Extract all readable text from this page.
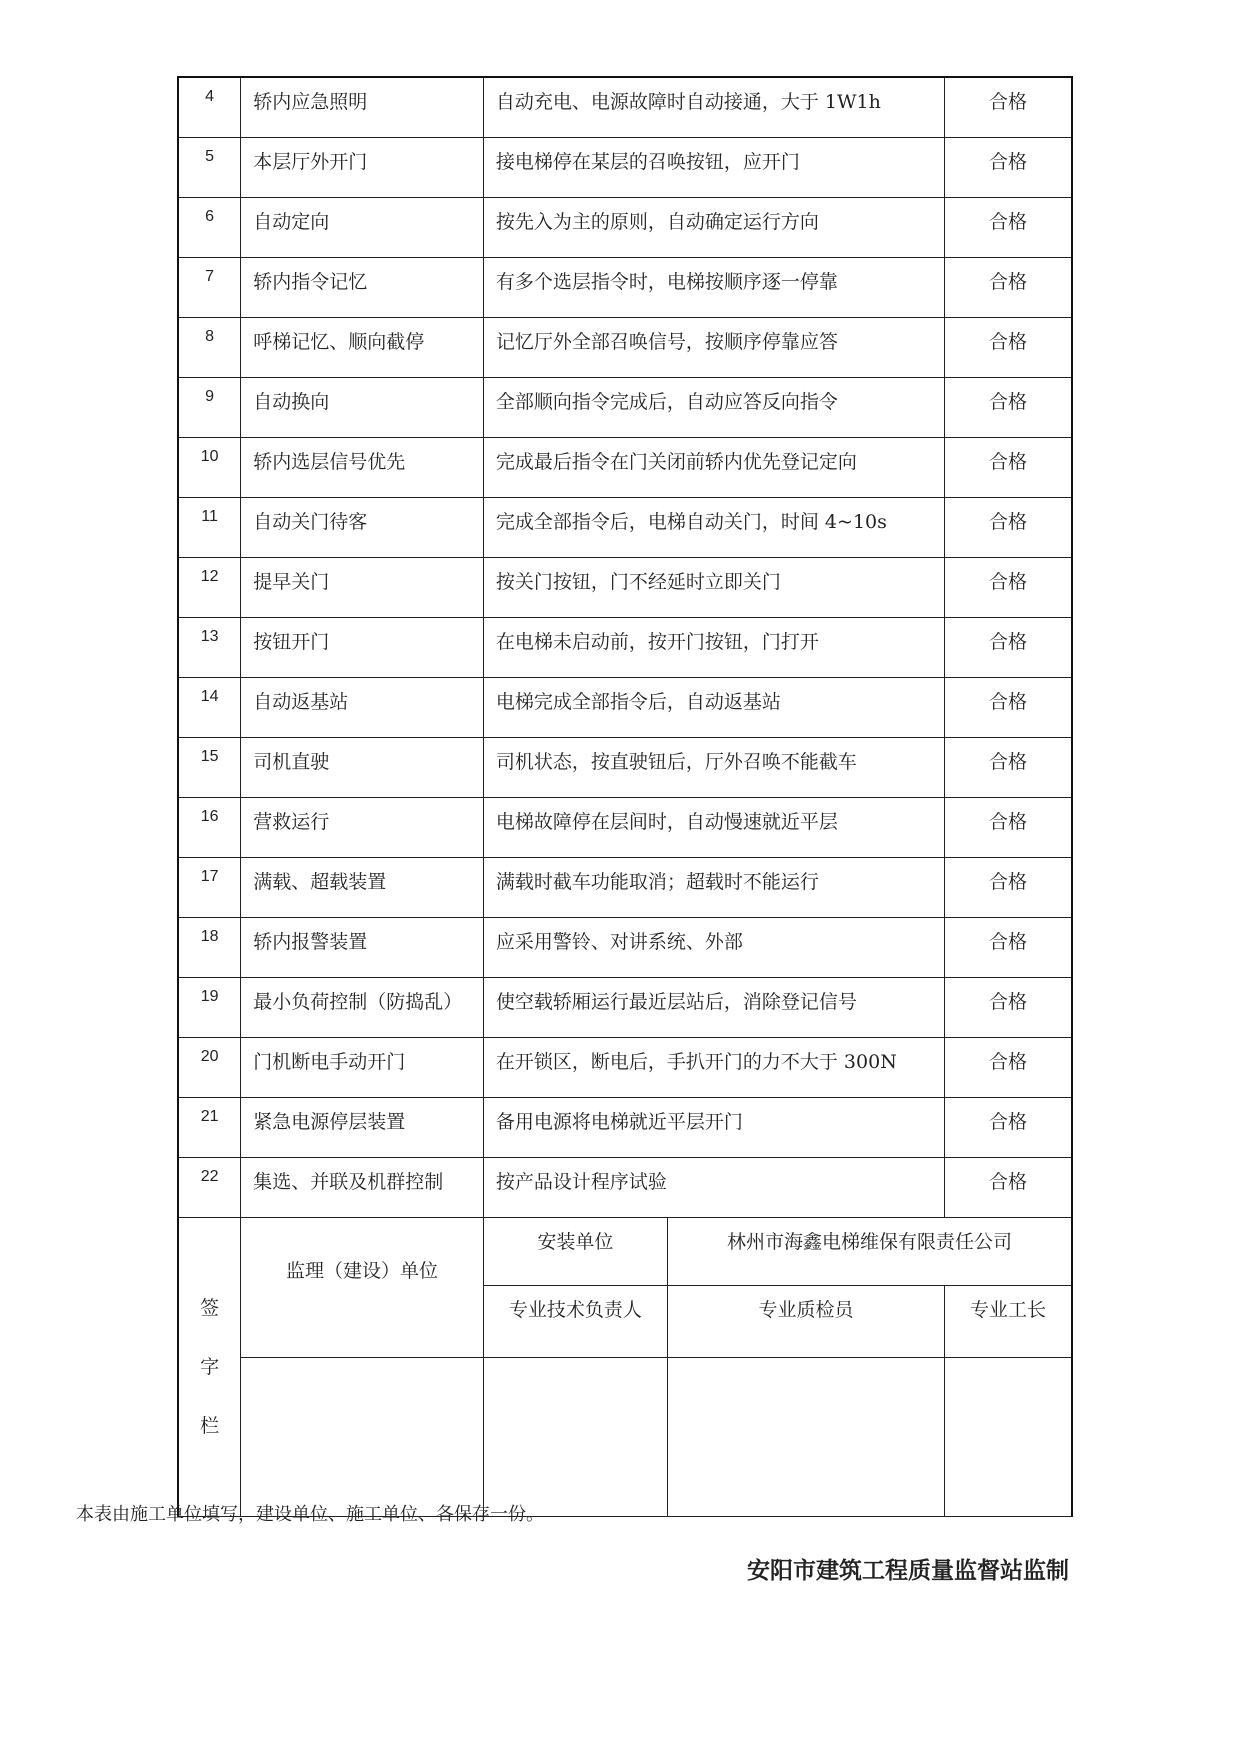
4	轿内应急照明	自动充电、电源故障时自动接通，大于 1W1h		合格
5	本层厅外开门	接电梯停在某层的召唤按钮，应开门		合格
6	自动定向	按先入为主的原则，自动确定运行方向		合格
7	轿内指令记忆	有多个选层指令时，电梯按顺序逐一停靠		合格
8	呼梯记忆、顺向截停	记忆厅外全部召唤信号，按顺序停靠应答		合格
9	自动换向	全部顺向指令完成后，自动应答反向指令		合格
10	轿内选层信号优先	完成最后指令在门关闭前轿内优先登记定向		合格
11	自动关门待客	完成全部指令后，电梯自动关门，时间 4~10s		合格
12	提早关门	按关门按钮，门不经延时立即关门		合格
13	按钮开门	在电梯未启动前，按开门按钮，门打开		合格
14	自动返基站	电梯完成全部指令后，自动返基站		合格
15	司机直驶	司机状态，按直驶钮后，厅外召唤不能截车		合格
16	营救运行	电梯故障停在层间时，自动慢速就近平层		合格
17	满载、超载装置	满载时截车功能取消；超载时不能运行		合格
18	轿内报警装置	应采用警铃、对讲系统、外部		合格
19	最小负荷控制（防捣乱）	使空载轿厢运行最近层站后，消除登记信号		合格
20	门机断电手动开门	在开锁区，断电后，手扒开门的力不大于 300N		合格
21	紧急电源停层装置	备用电源将电梯就近平层开门		合格
22	集选、并联及机群控制	按产品设计程序试验		合格

签
字
栏	监理（建设）单位	安装单位	林州市海鑫电梯维保有限责任公司	
		专业技术负责人	专业质检员	专业工长

本表由施工单位填写，建设单位、施工单位、各保存一份。
安阳市建筑工程质量监督站监制
